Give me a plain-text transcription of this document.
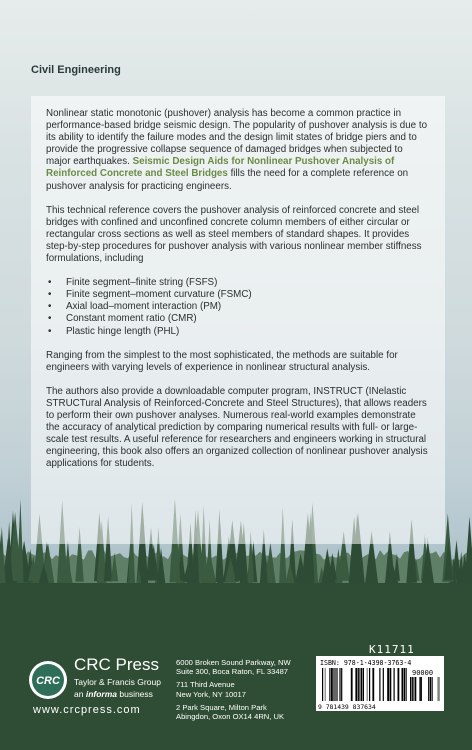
Civil Engineering

Nonlinear static monotonic (pushover) analysis has become a common practice in performance-based bridge seismic design. The popularity of pushover analysis is due to its ability to identify the failure modes and the design limit states of bridge piers and to provide the progressive collapse sequence of damaged bridges when subjected to major earthquakes. Seismic Design Aids for Nonlinear Pushover Analysis of Reinforced Concrete and Steel Bridges fills the need for a complete reference on pushover analysis for practicing engineers.

This technical reference covers the pushover analysis of reinforced concrete and steel bridges with confined and unconfined concrete column members of either circular or rectangular cross sections as well as steel members of standard shapes. It provides step-by-step procedures for pushover analysis with various nonlinear member stiffness formulations, including

• Finite segment–finite string (FSFS)
• Finite segment–moment curvature (FSMC)
• Axial load–moment interaction (PM)
• Constant moment ratio (CMR)
• Plastic hinge length (PHL)

Ranging from the simplest to the most sophisticated, the methods are suitable for engineers with varying levels of experience in nonlinear structural analysis.

The authors also provide a downloadable computer program, INSTRUCT (INelastic STRUCTural Analysis of Reinforced-Concrete and Steel Structures), that allows readers to perform their own pushover analyses. Numerous real-world examples demonstrate the accuracy of analytical prediction by comparing numerical results with full- or large-scale test results. A useful reference for researchers and engineers working in structural engineering, this book also offers an organized collection of nonlinear pushover analysis applications for students.

CRC
CRC Press
Taylor & Francis Group
an informa business
www.crcpress.com
6000 Broken Sound Parkway, NW
Suite 300, Boca Raton, FL 33487
711 Third Avenue
New York, NY 10017
2 Park Square, Milton Park
Abingdon, Oxon OX14 4RN, UK
K11711
ISBN: 978-1-4398-3763-4
90000
9 781439 837634
